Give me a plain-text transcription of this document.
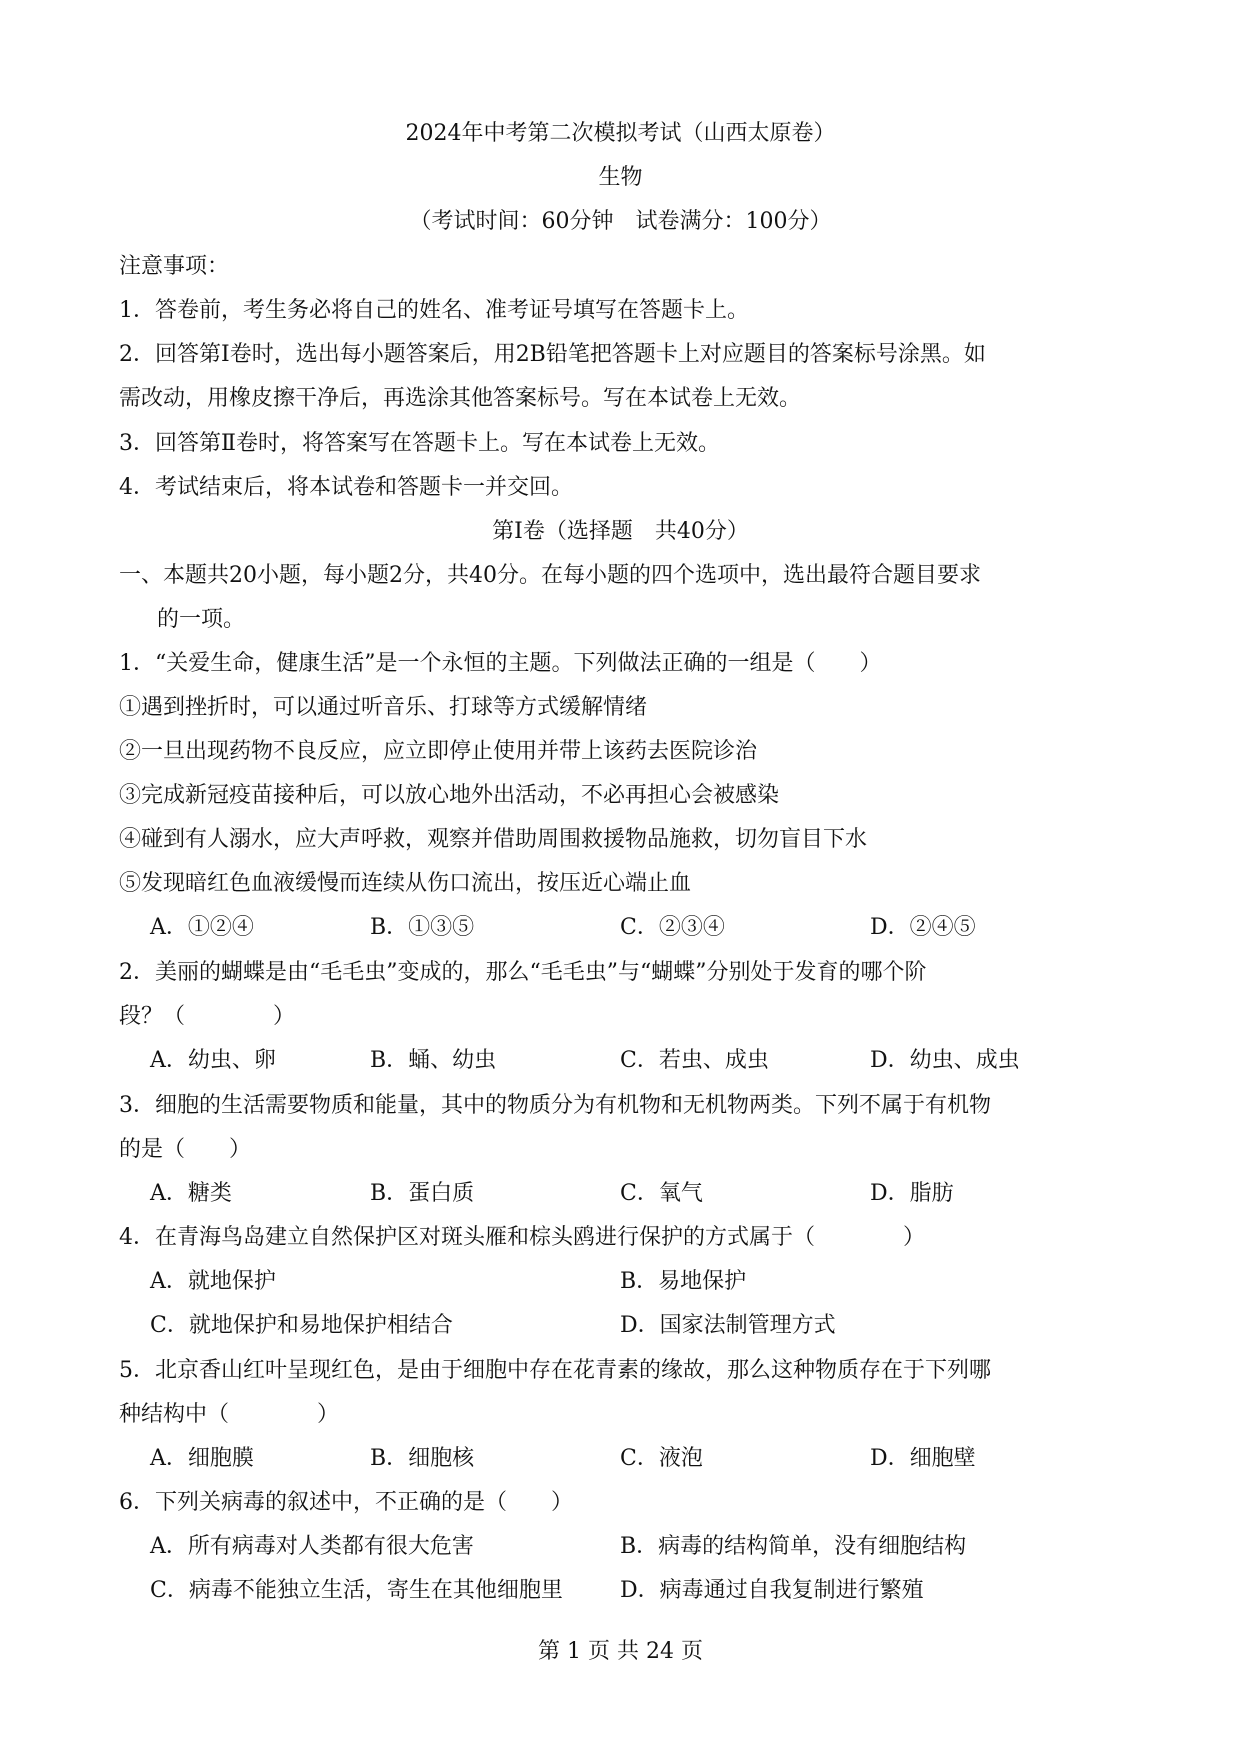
2024年中考第二次模拟考试（山西太原卷）
生物
（考试时间：60分钟　试卷满分：100分）
注意事项：
1．答卷前，考生务必将自己的姓名、准考证号填写在答题卡上。
2．回答第Ⅰ卷时，选出每小题答案后，用2B铅笔把答题卡上对应题目的答案标号涂黑。如
需改动，用橡皮擦干净后，再选涂其他答案标号。写在本试卷上无效。
3．回答第Ⅱ卷时，将答案写在答题卡上。写在本试卷上无效。
4．考试结束后，将本试卷和答题卡一并交回。
第Ⅰ卷（选择题　共40分）
一、本题共20小题，每小题2分，共40分。在每小题的四个选项中，选出最符合题目要求
的一项。
1．“关爱生命，健康生活”是一个永恒的主题。下列做法正确的一组是（　　）
①遇到挫折时，可以通过听音乐、打球等方式缓解情绪
②一旦出现药物不良反应，应立即停止使用并带上该药去医院诊治
③完成新冠疫苗接种后，可以放心地外出活动，不必再担心会被感染
④碰到有人溺水，应大声呼救，观察并借助周围救援物品施救，切勿盲目下水
⑤发现暗红色血液缓慢而连续从伤口流出，按压近心端止血
A．①②④	B．①③⑤	C．②③④	D．②④⑤
2．美丽的蝴蝶是由“毛毛虫”变成的，那么“毛毛虫”与“蝴蝶”分别处于发育的哪个阶
段？（　　　　）
A．幼虫、卵	B．蛹、幼虫	C．若虫、成虫	D．幼虫、成虫
3．细胞的生活需要物质和能量，其中的物质分为有机物和无机物两类。下列不属于有机物
的是（　　）
A．糖类	B．蛋白质	C．氧气	D．脂肪
4．在青海鸟岛建立自然保护区对斑头雁和棕头鸥进行保护的方式属于（　　　　）
A．就地保护	B．易地保护
C．就地保护和易地保护相结合	D．国家法制管理方式
5．北京香山红叶呈现红色，是由于细胞中存在花青素的缘故，那么这种物质存在于下列哪
种结构中（　　　　）
A．细胞膜	B．细胞核	C．液泡	D．细胞壁
6．下列关病毒的叙述中，不正确的是（　　）
A．所有病毒对人类都有很大危害	B．病毒的结构简单，没有细胞结构
C．病毒不能独立生活，寄生在其他细胞里	D．病毒通过自我复制进行繁殖
第 1 页 共 24 页
